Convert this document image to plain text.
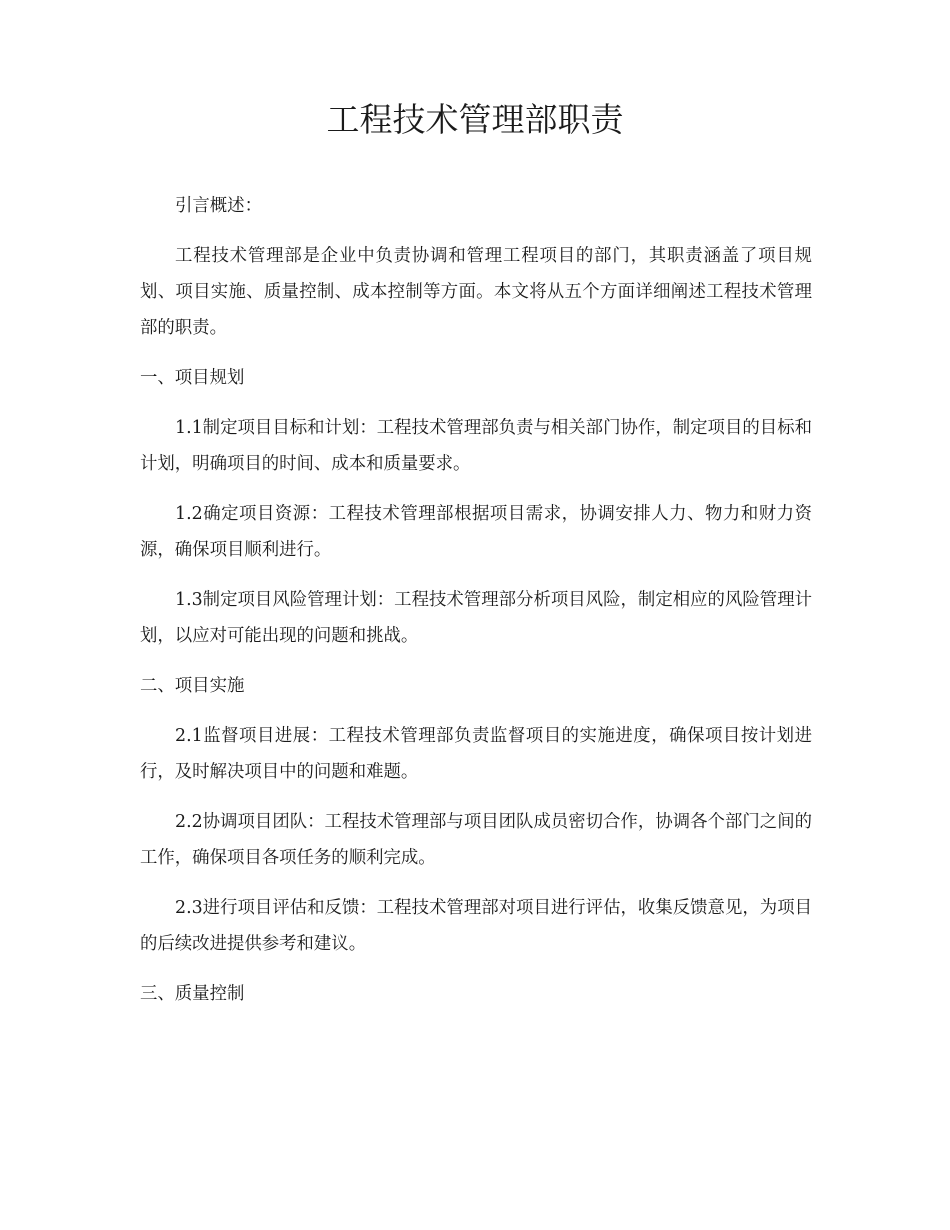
工程技术管理部职责

引言概述：

工程技术管理部是企业中负责协调和管理工程项目的部门，其职责涵盖了项目规划、项目实施、质量控制、成本控制等方面。本文将从五个方面详细阐述工程技术管理部的职责。

一、项目规划

1.1制定项目目标和计划：工程技术管理部负责与相关部门协作，制定项目的目标和计划，明确项目的时间、成本和质量要求。

1.2确定项目资源：工程技术管理部根据项目需求，协调安排人力、物力和财力资源，确保项目顺利进行。

1.3制定项目风险管理计划：工程技术管理部分析项目风险，制定相应的风险管理计划，以应对可能出现的问题和挑战。

二、项目实施

2.1监督项目进展：工程技术管理部负责监督项目的实施进度，确保项目按计划进行，及时解决项目中的问题和难题。

2.2协调项目团队：工程技术管理部与项目团队成员密切合作，协调各个部门之间的工作，确保项目各项任务的顺利完成。

2.3进行项目评估和反馈：工程技术管理部对项目进行评估，收集反馈意见，为项目的后续改进提供参考和建议。

三、质量控制
